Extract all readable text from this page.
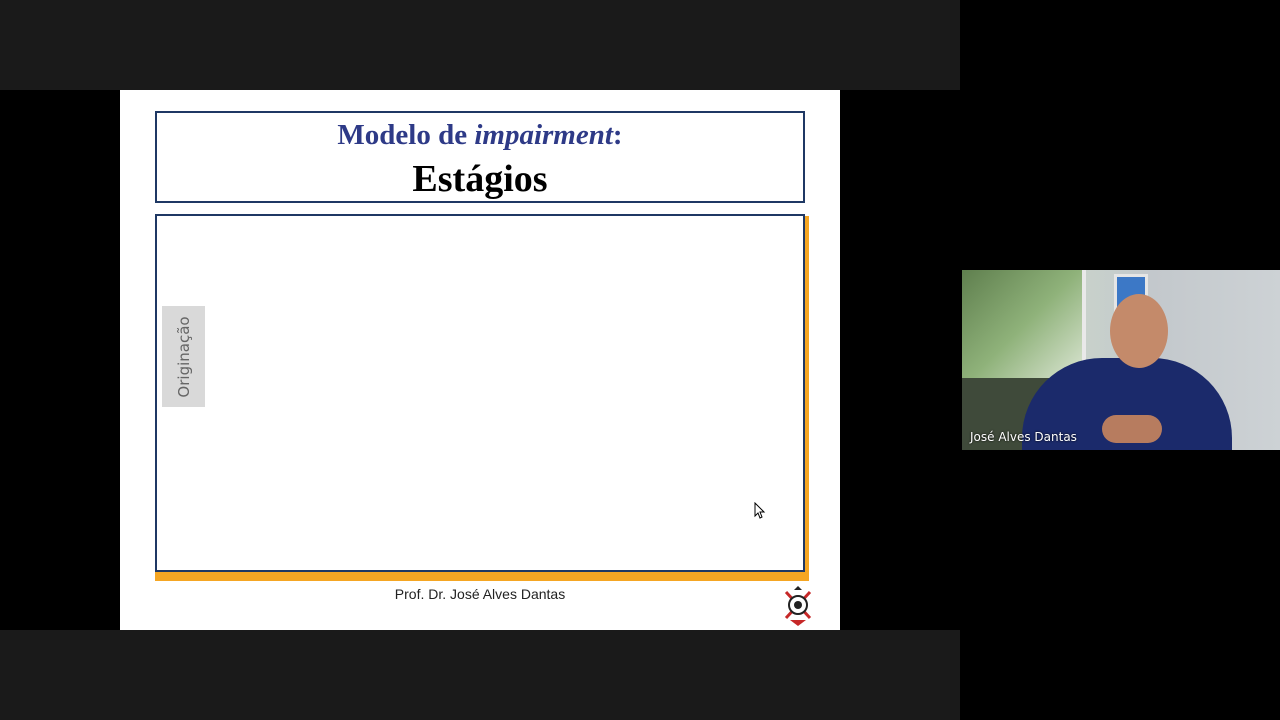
Modelo de impairment:
Estágios
Originação
Prof. Dr. José Alves Dantas
José Alves Dantas
